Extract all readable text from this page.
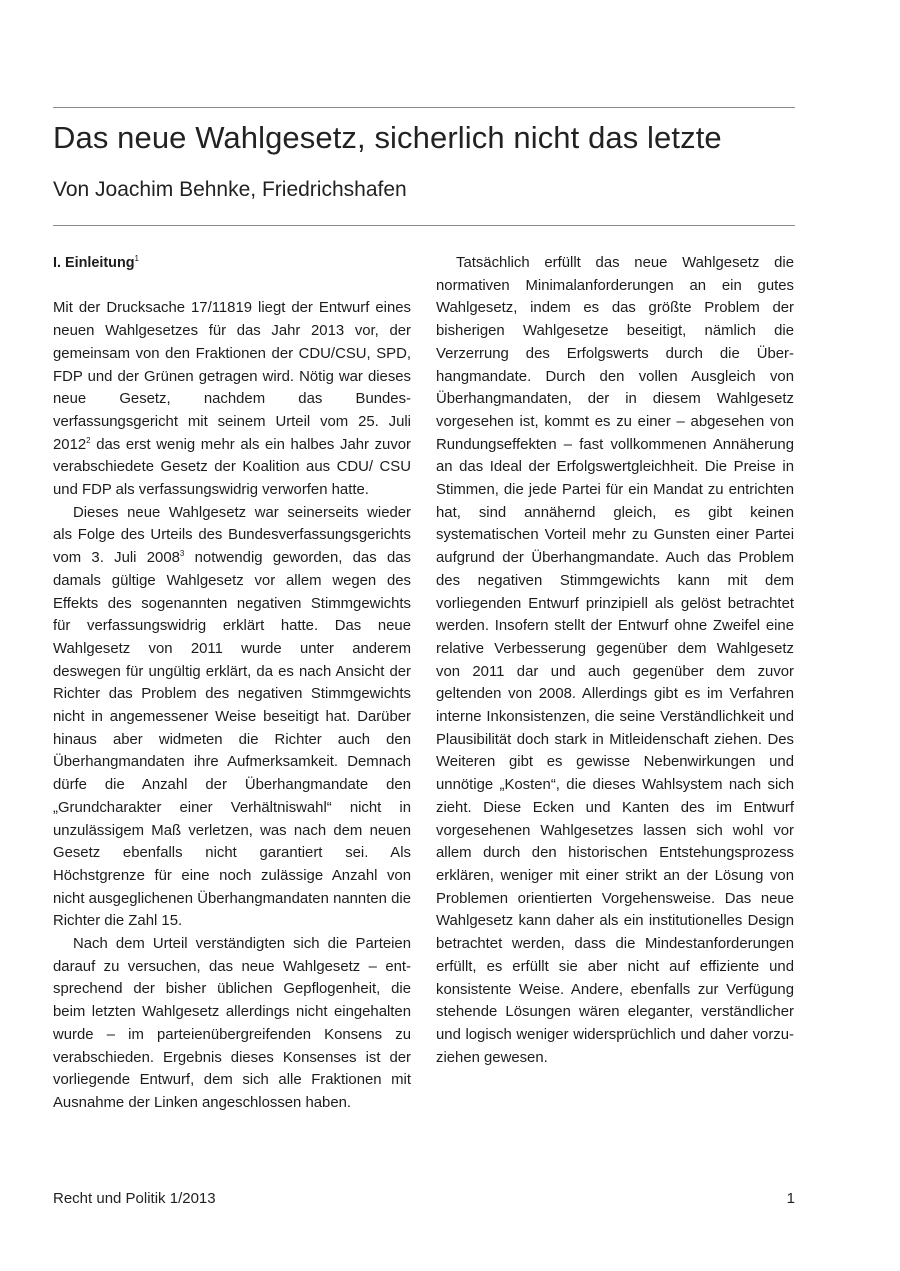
Das neue Wahlgesetz, sicherlich nicht das letzte
Von Joachim Behnke, Friedrichshafen
I. Einleitung$^1$

Mit der Drucksache 17/11819 liegt der Entwurf eines neuen Wahlgesetzes für das Jahr 2013 vor, der gemeinsam von den Fraktionen der CDU/CSU, SPD, FDP und der Grünen getragen wird. Nötig war dieses neue Gesetz, nachdem das Bundesverfassungsgericht mit seinem Urteil vom 25. Juli 2012$^2$ das erst wenig mehr als ein halbes Jahr zuvor verabschiedete Gesetz der Koalition aus CDU/ CSU und FDP als verfassungswidrig verworfen hatte.

Dieses neue Wahlgesetz war seinerseits wieder als Folge des Urteils des Bundesverfassungsgerichts vom 3. Juli 2008$^3$ notwendig geworden, das das damals gültige Wahlgesetz vor allem wegen des Effekts des sogenannten negativen Stimmgewichts für verfassungswidrig erklärt hatte. Das neue Wahlgesetz von 2011 wurde unter anderem deswegen für ungültig erklärt, da es nach Ansicht der Richter das Problem des negativen Stimmgewichts nicht in angemessener Weise beseitigt hat. Darüber hinaus aber widmeten die Richter auch den Überhangmandaten ihre Aufmerksamkeit. Demnach dürfe die Anzahl der Überhangmandate den „Grundcharakter einer Verhältniswahl“ nicht in unzulässigem Maß verletzen, was nach dem neuen Gesetz ebenfalls nicht garantiert sei. Als Höchstgrenze für eine noch zulässige Anzahl von nicht ausgeglichenen Überhangmandaten nannten die Richter die Zahl 15.

Nach dem Urteil verständigten sich die Parteien darauf zu versuchen, das neue Wahlgesetz – entsprechend der bisher üblichen Gepflogenheit, die beim letzten Wahlgesetz allerdings nicht eingehalten wurde – im parteienübergreifenden Konsens zu verabschieden. Ergebnis dieses Konsenses ist der vorliegende Entwurf, dem sich alle Fraktionen mit Ausnahme der Linken angeschlossen haben.

Tatsächlich erfüllt das neue Wahlgesetz die normativen Minimalanforderungen an ein gutes Wahlgesetz, indem es das größte Problem der bisherigen Wahlgesetze beseitigt, nämlich die Verzerrung des Erfolgswerts durch die Überhangmandate. Durch den vollen Ausgleich von Überhangmandaten, der in diesem Wahlgesetz vorgesehen ist, kommt es zu einer – abgesehen von Rundungseffekten – fast vollkommenen Annäherung an das Ideal der Erfolgswertgleichheit. Die Preise in Stimmen, die jede Partei für ein Mandat zu entrichten hat, sind annähernd gleich, es gibt keinen systematischen Vorteil mehr zu Gunsten einer Partei aufgrund der Überhangmandate. Auch das Problem des negativen Stimmgewichts kann mit dem vorliegenden Entwurf prinzipiell als gelöst betrachtet werden. Insofern stellt der Entwurf ohne Zweifel eine relative Verbesserung gegenüber dem Wahlgesetz von 2011 dar und auch gegenüber dem zuvor geltenden von 2008. Allerdings gibt es im Verfahren interne Inkonsistenzen, die seine Verständlichkeit und Plausibilität doch stark in Mitleidenschaft ziehen. Des Weiteren gibt es gewisse Nebenwirkungen und unnötige „Kosten“, die dieses Wahlsystem nach sich zieht. Diese Ecken und Kanten des im Entwurf vorgesehenen Wahlgesetzes lassen sich wohl vor allem durch den historischen Entstehungsprozess erklären, weniger mit einer strikt an der Lösung von Problemen orientierten Vorgehensweise. Das neue Wahlgesetz kann daher als ein institutionelles Design betrachtet werden, dass die Mindestanforderungen erfüllt, es erfüllt sie aber nicht auf effiziente und konsistente Weise. Andere, ebenfalls zur Verfügung stehende Lösungen wären eleganter, verständlicher und logisch weniger widersprüchlich und daher vorzuziehen gewesen.

Recht und Politik 1/2013	1
